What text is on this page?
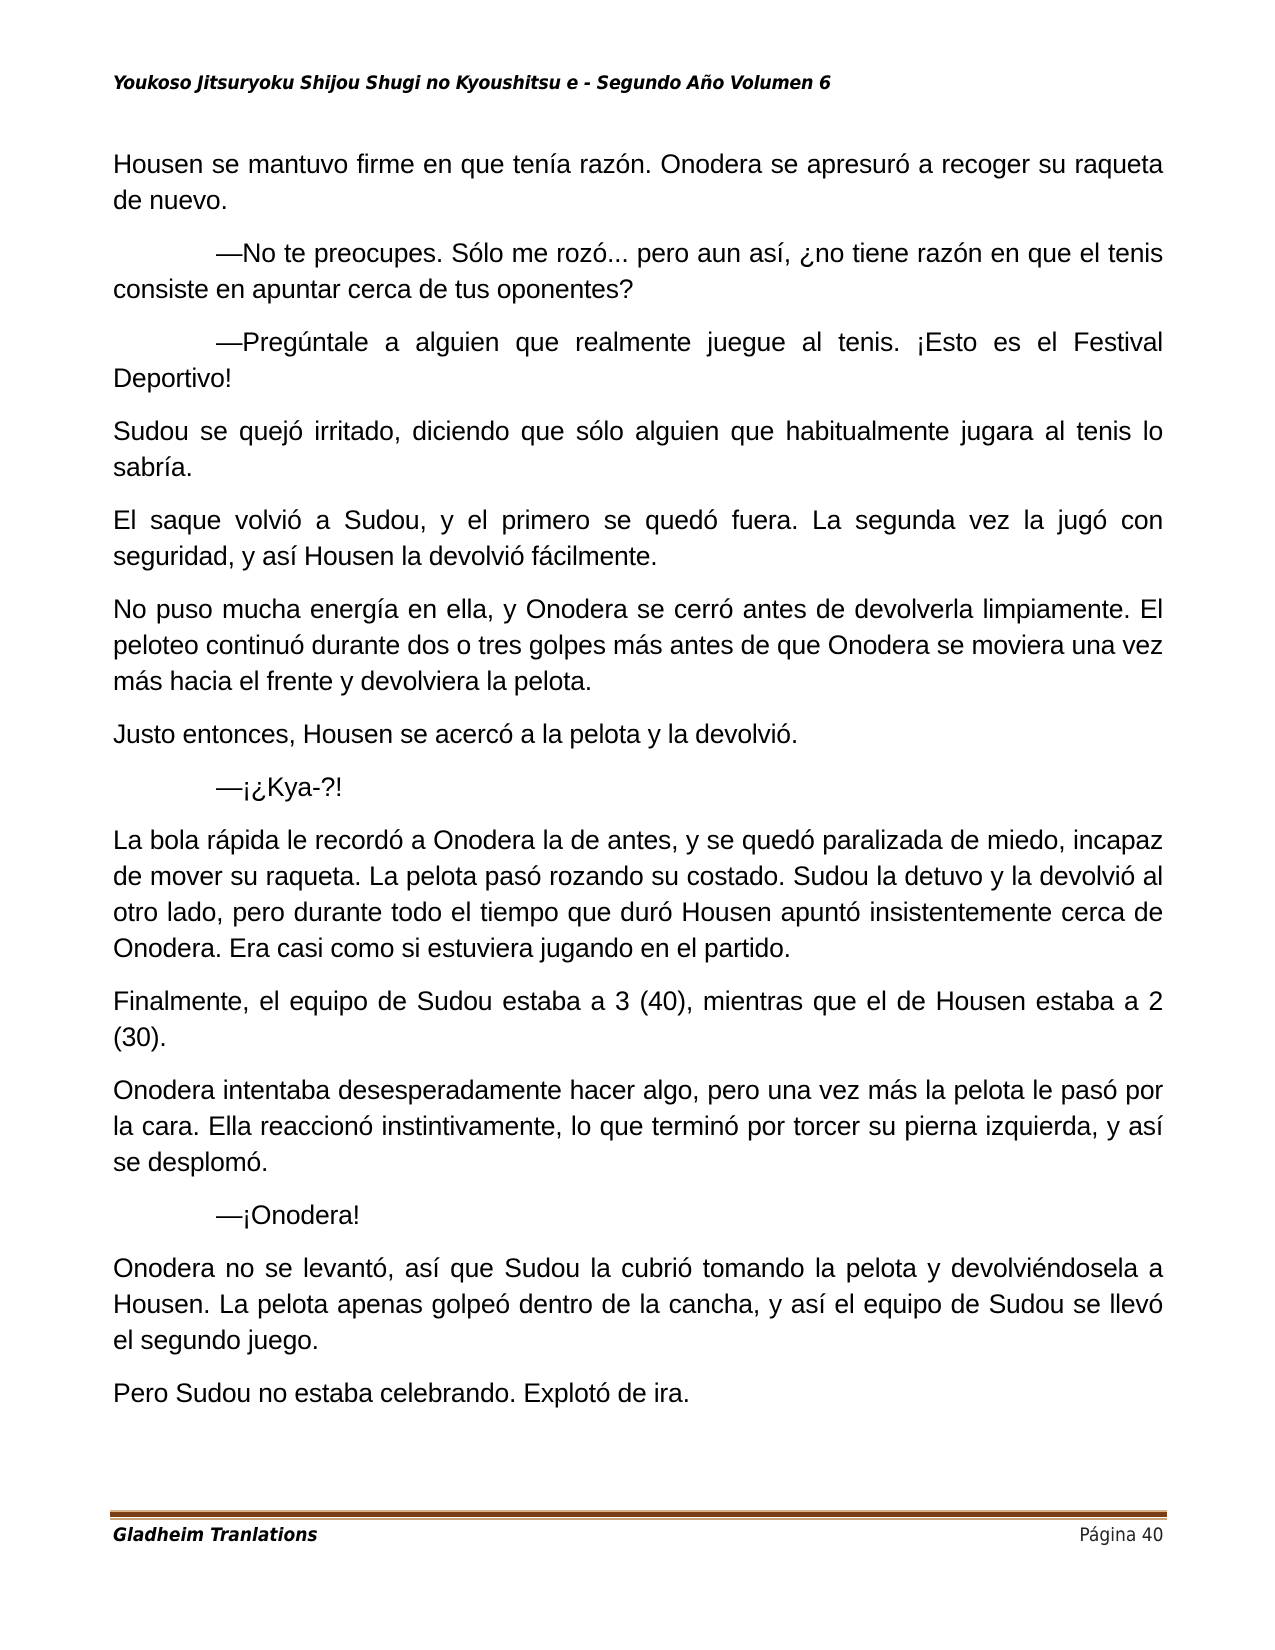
Youkoso Jitsuryoku Shijou Shugi no Kyoushitsu e - Segundo Año Volumen 6

Housen se mantuvo firme en que tenía razón. Onodera se apresuró a recoger su raqueta de nuevo.

—No te preocupes. Sólo me rozó... pero aun así, ¿no tiene razón en que el tenis consiste en apuntar cerca de tus oponentes?

—Pregúntale a alguien que realmente juegue al tenis. ¡Esto es el Festival Deportivo!

Sudou se quejó irritado, diciendo que sólo alguien que habitualmente jugara al tenis lo sabría.

El saque volvió a Sudou, y el primero se quedó fuera. La segunda vez la jugó con seguridad, y así Housen la devolvió fácilmente.

No puso mucha energía en ella, y Onodera se cerró antes de devolverla limpiamente. El peloteo continuó durante dos o tres golpes más antes de que Onodera se moviera una vez más hacia el frente y devolviera la pelota.

Justo entonces, Housen se acercó a la pelota y la devolvió.

—¡¿Kya-?!

La bola rápida le recordó a Onodera la de antes, y se quedó paralizada de miedo, incapaz de mover su raqueta. La pelota pasó rozando su costado. Sudou la detuvo y la devolvió al otro lado, pero durante todo el tiempo que duró Housen apuntó insistentemente cerca de Onodera. Era casi como si estuviera jugando en el partido.

Finalmente, el equipo de Sudou estaba a 3 (40), mientras que el de Housen estaba a 2 (30).

Onodera intentaba desesperadamente hacer algo, pero una vez más la pelota le pasó por la cara. Ella reaccionó instintivamente, lo que terminó por torcer su pierna izquierda, y así se desplomó.

—¡Onodera!

Onodera no se levantó, así que Sudou la cubrió tomando la pelota y devolviéndosela a Housen. La pelota apenas golpeó dentro de la cancha, y así el equipo de Sudou se llevó el segundo juego.

Pero Sudou no estaba celebrando. Explotó de ira.

Gladheim Tranlations	Página 40
